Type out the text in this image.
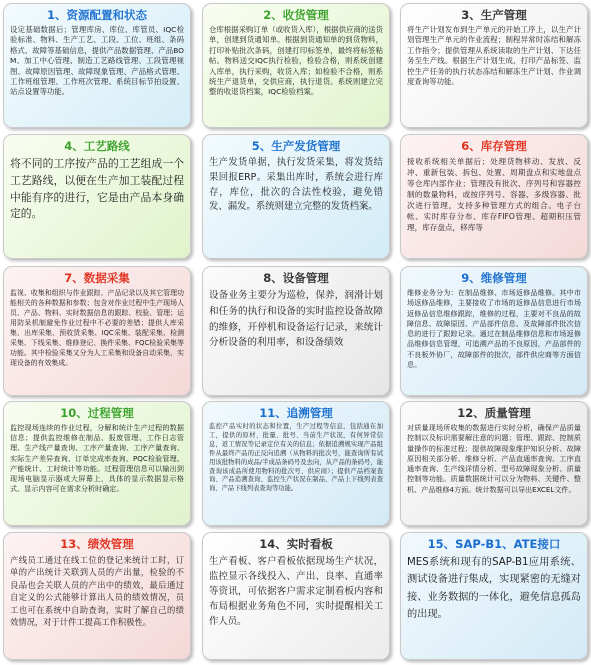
1、资源配置和状态
设定基础数据后；管理库房、库位、库管员、IQC检验标准、物料、生产工艺、工段、工位、班组、条码格式、故障等基础信息，提供产品数据管理、产品BOM、加工中心管理、制造工艺路线管理、工段管理视图、故障原因管理、故障现象管理、产品格式管理、工作班组管理、工作班次管理、系统目标节拍设置、站点设置等功能。
2、收货管理
仓库根据采购订单（或收货入库），根据供应商的送货单，创建到货通知单。根据到货通知单的到货物料，打印补贴批次条码，创建打印标签单，最终将标签粘帖。物料送交IQC执行检验，检验合格，则系统创建入库单，执行采购，收货入库；如检验不合格，则系统生产退货单，交供应商，执行退货。系统则建立完整的收退货档案，IQC检验档案。
3、生产管理
将生产计划发布到生产单元的开始工序上，以生产计划管理生产单元的作业流程；制程异常时冻结和解冻工作指令；提供管理从系统读取的生产计划、下达任务至生产线。根据生产计划生成、打印产品标签、监控生产任务的执行状态冻结和解冻生产计划、作业调度查询等功能。
4、工艺路线
将不同的工序按产品的工艺组成一个工艺路线，以便在生产加工装配过程中能有序的进行，它是由产品本身确定的。
5、生产发货管理
生产发货单据，执行发货采集，将发货结果回报ERP。采集出库时，系统会进行库存，库位，批次的合法性校验，避免错发、漏发。系统则建立完整的发货档案。
6、库存管理
接收系统相关单据后；处理货物移动、发放、反冲、重新包装、拆包、处置、周期盘点和实地盘点等仓库内部作业；管理没有批次、序列号和容器控制的数量物料，或按序列号、容器、多级容器、批次进行管理，支持多种管理方式的组合。电子台帐、实时库存分布、库存FIFO管理、超期积压管理，库存盘点，移库等
7、数据采集
监视、收集和组织与作业跟踪、产品记录以及其它管理功能相关的各种数据和参数；包含对作业过程中生产现场人员、产品、物料、实时数据信息的跟踪、校验、管理；运用防呆机制避免作业过程中不必要的差错；提供人库采集、出库采集、预收货采集、IQC采集、装配采集、检测采集、下线采集、维修登记、换件采集、FQC检验采集等功能。其中检验采集又分为人工采集和设备自动采集，实现设备的有效集成。
8、设备管理
设备业务主要分为巡检，保养，润滑计划和任务的执行和设备的实时监控设备故障的维修，开停机和设备运行记录，来统计分析设备的利用率，和设备绩效
9、维修管理
维修业务分为：在制品维修、市场返修品维修。其中市场返修品维修，主要接收了市场的返修品信息进行市场返修品信息维修跟踪，维修的过程，主要对不良品的故障信息、故障原因、产品部件信息、及故障部件批次信息的进行了跟踪记录。通过在制品维修信息和市场返修品维修信息管理，可追溯产品的不良原因，产品部件的不良板外协厂，故障部件的批次，部件供应商等方面信息。
10、过程管理
监控现场连续的作业过程，分解和统计生产过程的数据信息；提供监控维修在制品、报废管理、工作日志管理、生产线产量查询、工序产量查询、工序产量查询、实际生产差异查询、订单完成率查询、PQC检验管理、产能统计、工时统计等功能。过程管理信息可以输出到现场电脑显示器或大屏幕上，具体的显示数据显示格式、显示内容可在需求分析时确定。
11、追溯管理
监控产品实时的状态和位置，生产过程等信息，包括通在加工，提供的原材、批量、批号、当前生产状况，有何异常信息，返工情况等记录定位有关的信息；依据追溯规实现产品组件从最终产品的正反向追溯（从物料的批次号，能查询所有试用该批物料的成品/半成品条码号及去向，从产品的条码号，能查询该成品所使用物料的批次号、供应商）；提供产品档案查询、产品追溯查询、监控生产状况在制品、产品上下线列表查询、产品下线列表查询等功能。
12、质量管理
对质量现场所收集的数据进行实时分析，确保产品质量控制以及标识需要解注意的问题；管理、跟踪、控制质量操作的标准过程；提供故障现象维护知识分析、故障原因相关部分析、维修分析、产品直通率查询、工序直通率查询、生产线详情分析、型号故障现象分析、质量控制等功能。质量数据统计可以分为物料、关键件、整机、产品维修4方面。统计数据可以导出EXCEL文件。
13、绩效管理
产线员工通过在线工位的登记来统计工时，订单的产出统计关联到人员的产出量，检验的不良品也会关联人员的产出中的绩效，最后通过自定义的公式能够计算出人员的绩效情况，员工也可在系统中自助查询，实时了解自己的绩效情况，对于计件工提高工作积极性。
14、实时看板
生产看板、客户看板依据现场生产状况，监控显示各线投入、产出、良率、直通率等资讯，可依据客户需求定制看板内容和布局根据业务角色不同，实时提醒相关工作人员。
15、SAP-B1、ATE接口
MES系统和现有的SAP-B1应用系统、测试设备进行集成，实现紧密的无缝对接、业务数据的一体化，避免信息孤岛的出现。
